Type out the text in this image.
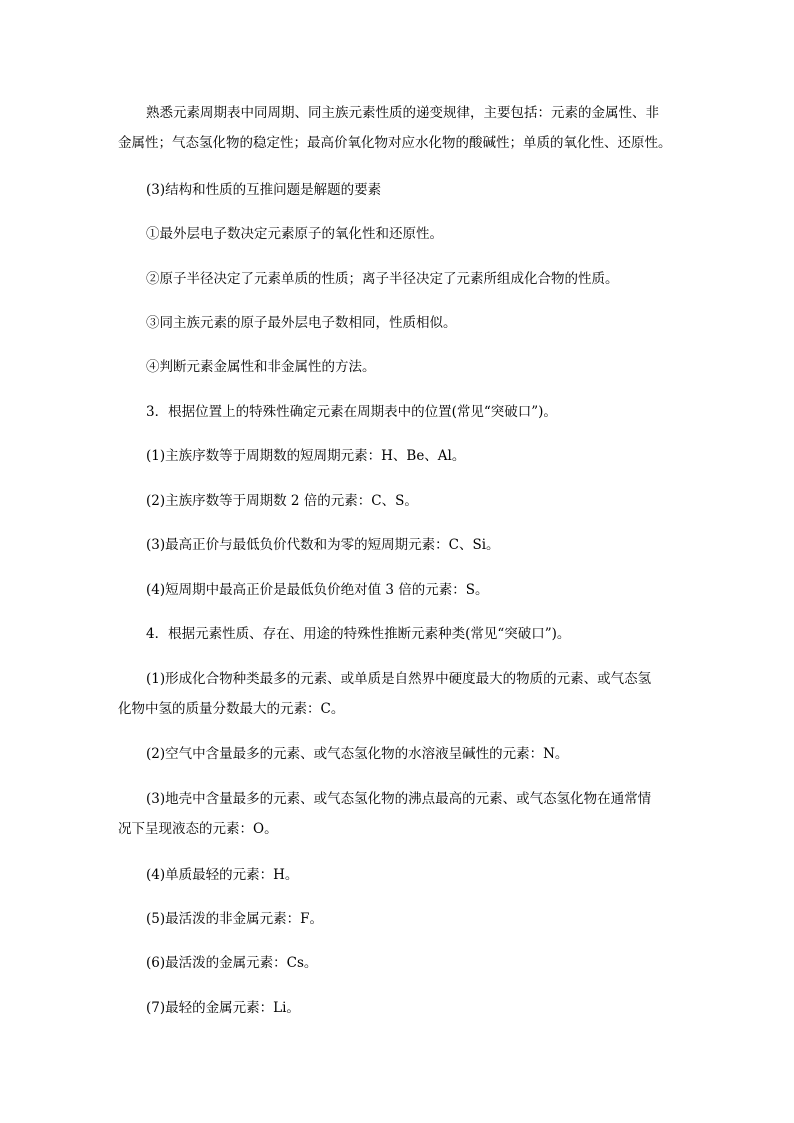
熟悉元素周期表中同周期、同主族元素性质的递变规律，主要包括：元素的金属性、非
金属性；气态氢化物的稳定性；最高价氧化物对应水化物的酸碱性；单质的氧化性、还原性。
(3)结构和性质的互推问题是解题的要素
①最外层电子数决定元素原子的氧化性和还原性。
②原子半径决定了元素单质的性质；离子半径决定了元素所组成化合物的性质。
③同主族元素的原子最外层电子数相同，性质相似。
④判断元素金属性和非金属性的方法。
3．根据位置上的特殊性确定元素在周期表中的位置(常见“突破口”)。
(1)主族序数等于周期数的短周期元素：H、Be、Al。
(2)主族序数等于周期数 2 倍的元素：C、S。
(3)最高正价与最低负价代数和为零的短周期元素：C、Si。
(4)短周期中最高正价是最低负价绝对值 3 倍的元素：S。
4．根据元素性质、存在、用途的特殊性推断元素种类(常见“突破口”)。
(1)形成化合物种类最多的元素、或单质是自然界中硬度最大的物质的元素、或气态氢
化物中氢的质量分数最大的元素：C。
(2)空气中含量最多的元素、或气态氢化物的水溶液呈碱性的元素：N。
(3)地壳中含量最多的元素、或气态氢化物的沸点最高的元素、或气态氢化物在通常情
况下呈现液态的元素：O。
(4)单质最轻的元素：H。
(5)最活泼的非金属元素：F。
(6)最活泼的金属元素：Cs。
(7)最轻的金属元素：Li。
